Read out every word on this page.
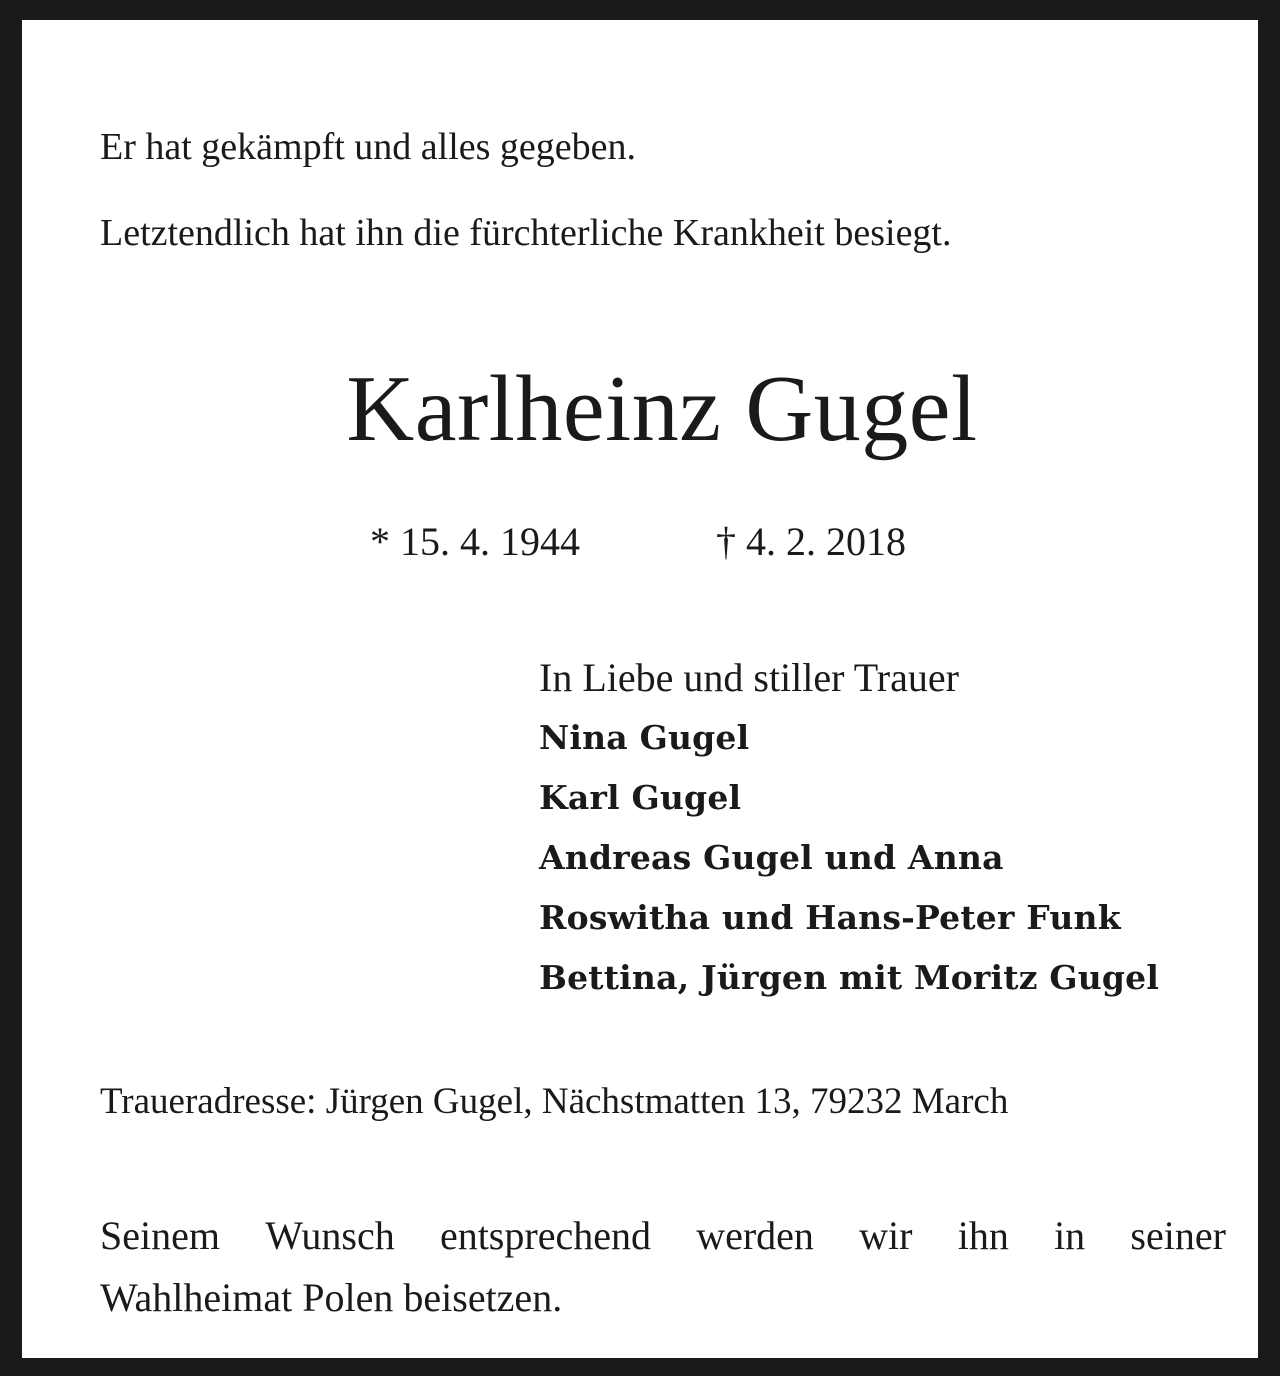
Er hat gekämpft und alles gegeben.

Letztendlich hat ihn die fürchterliche Krankheit besiegt.

Karlheinz Gugel
* 15. 4. 1944	† 4. 2. 2018
In Liebe und stiller Trauer
Nina Gugel
Karl Gugel
Andreas Gugel und Anna
Roswitha und Hans-Peter Funk
Bettina, Jürgen mit Moritz Gugel

Traueradresse: Jürgen Gugel, Nächstmatten 13, 79232 March

Seinem Wunsch entsprechend werden wir ihn in seiner
Wahlheimat Polen beisetzen.
